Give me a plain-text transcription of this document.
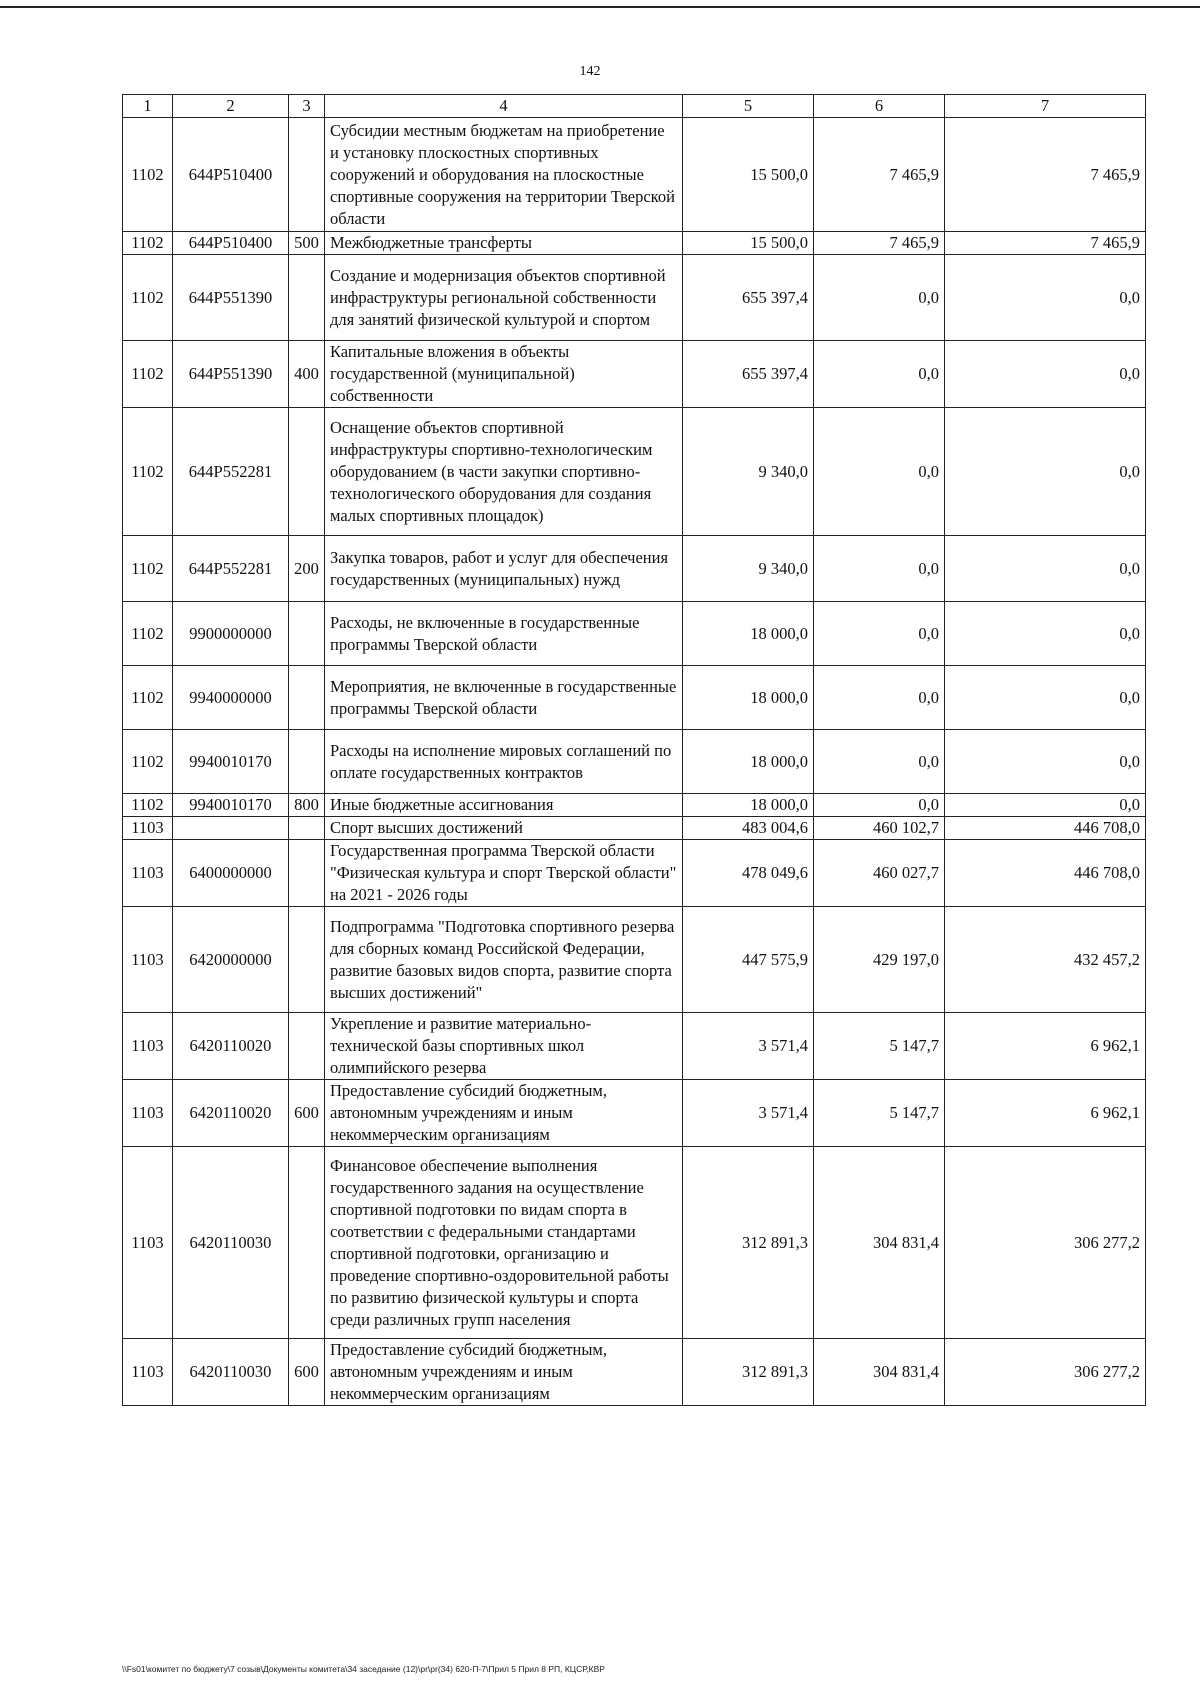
142
1	2	3	4	5	6	7
1102	644P510400		Субсидии местным бюджетам на приобретение и установку плоскостных спортивных сооружений и оборудования на плоскостные спортивные сооружения на территории Тверской области	15 500,0	7 465,9	7 465,9
1102	644P510400	500	Межбюджетные трансферты	15 500,0	7 465,9	7 465,9
1102	644P551390		Создание и модернизация объектов спортивной инфраструктуры региональной собственности для занятий физической культурой и спортом	655 397,4	0,0	0,0
1102	644P551390	400	Капитальные вложения в объекты государственной (муниципальной) собственности	655 397,4	0,0	0,0
1102	644P552281		Оснащение объектов спортивной инфраструктуры спортивно-технологическим оборудованием (в части закупки спортивно-технологического оборудования для создания малых спортивных площадок)	9 340,0	0,0	0,0
1102	644P552281	200	Закупка товаров, работ и услуг для обеспечения государственных (муниципальных) нужд	9 340,0	0,0	0,0
1102	9900000000		Расходы, не включенные в государственные программы Тверской области	18 000,0	0,0	0,0
1102	9940000000		Мероприятия, не включенные в государственные программы Тверской области	18 000,0	0,0	0,0
1102	9940010170		Расходы на исполнение мировых соглашений по оплате государственных контрактов	18 000,0	0,0	0,0
1102	9940010170	800	Иные бюджетные ассигнования	18 000,0	0,0	0,0
1103			Спорт высших достижений	483 004,6	460 102,7	446 708,0
1103	6400000000		Государственная программа Тверской области "Физическая культура и спорт Тверской области" на 2021 - 2026 годы	478 049,6	460 027,7	446 708,0
1103	6420000000		Подпрограмма "Подготовка спортивного резерва для сборных команд Российской Федерации, развитие базовых видов спорта, развитие спорта высших достижений"	447 575,9	429 197,0	432 457,2
1103	6420110020		Укрепление и развитие материально-технической базы спортивных школ олимпийского резерва	3 571,4	5 147,7	6 962,1
1103	6420110020	600	Предоставление субсидий бюджетным, автономным учреждениям и иным некоммерческим организациям	3 571,4	5 147,7	6 962,1
1103	6420110030		Финансовое обеспечение выполнения государственного задания на осуществление спортивной подготовки по видам спорта в соответствии с федеральными стандартами спортивной подготовки, организацию и проведение спортивно-оздоровительной работы по развитию физической культуры и спорта среди различных групп населения	312 891,3	304 831,4	306 277,2
1103	6420110030	600	Предоставление субсидий бюджетным, автономным учреждениям и иным некоммерческим организациям	312 891,3	304 831,4	306 277,2
\\Fs01\комитет по бюджету\7 созыв\Документы комитета\34 заседание (12)\pr\pr(34) 620-П-7\Прил 5 Прил 8 РП, КЦСР,КВР
